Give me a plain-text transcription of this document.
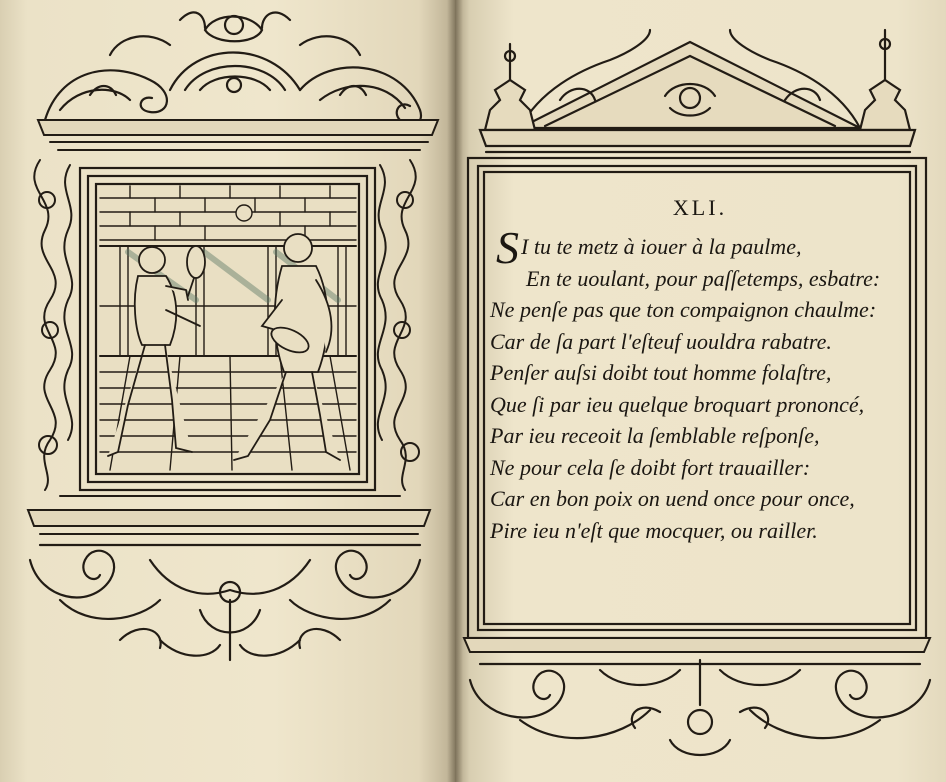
XLI.
S I tu te metz à iouer à la paulme,
En te uoulant, pour paſſetemps, esbatre:
Ne penſe pas que ton compaignon chaulme:
Car de ſa part l'eſteuf uouldra rabatre.
Penſer auſsi doibt tout homme folaſtre,
Que ſi par ieu quelque broquart prononcé,
Par ieu receoit la ſemblable reſponſe,
Ne pour cela ſe doibt fort trauailler:
Car en bon poix on uend once pour once,
Pire ieu n'eſt que mocquer, ou railler.
